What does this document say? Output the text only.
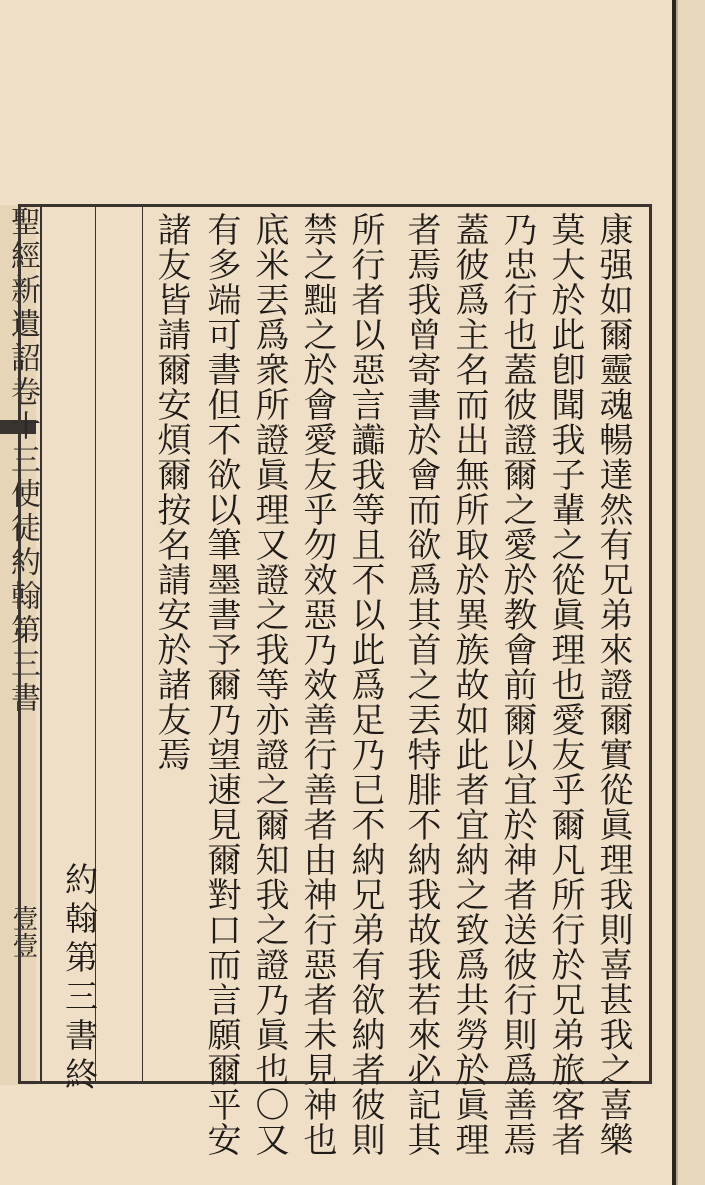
聖經新遺詔卷十三使徒約翰第三書
壹壹	康强如爾靈魂暢達然有兄弟來證爾實從眞理我則喜甚我之喜樂
莫大於此卽聞我子輩之從眞理也愛友乎爾凡所行於兄弟旅客者
乃忠行也蓋彼證爾之愛於教會前爾以宜於神者送彼行則爲善焉
蓋彼爲主名而出無所取於異族故如此者宜納之致爲共勞於眞理
者焉我曾寄書於會而欲爲其首之丟特腓不納我故我若來必記其
所行者以惡言讟我等且不以此爲足乃已不納兄弟有欲納者彼則
禁之黜之於會愛友乎勿效惡乃效善行善者由神行惡者未見神也
底米丟爲衆所證眞理又證之我等亦證之爾知我之證乃眞也〇又
有多端可書但不欲以筆墨書予爾乃望速見爾對口而言願爾平安
諸友皆請爾安煩爾按名請安於諸友焉
約翰第三書終
